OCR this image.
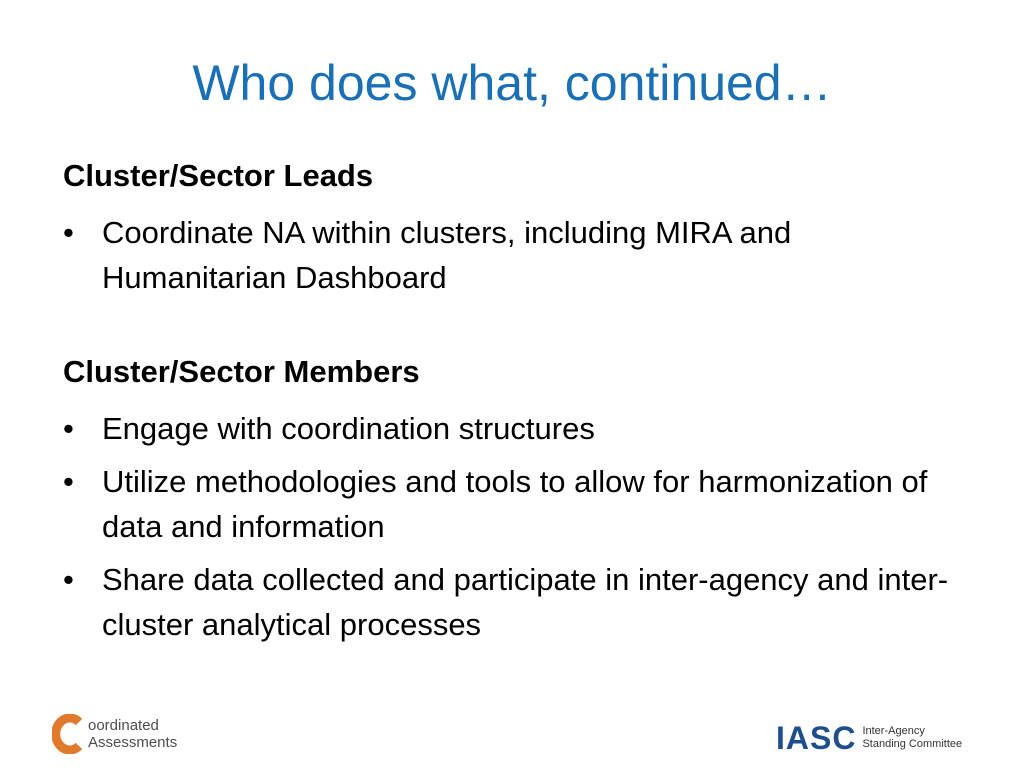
Who does what, continued…

Cluster/Sector Leads

• Coordinate NA within clusters, including MIRA and Humanitarian Dashboard

Cluster/Sector Members

• Engage with coordination structures
• Utilize methodologies and tools to allow for harmonization of data and information
• Share data collected and participate in inter-agency and inter-cluster analytical processes
oordinated
Assessments	IASC Inter-Agency
Standing Committee
